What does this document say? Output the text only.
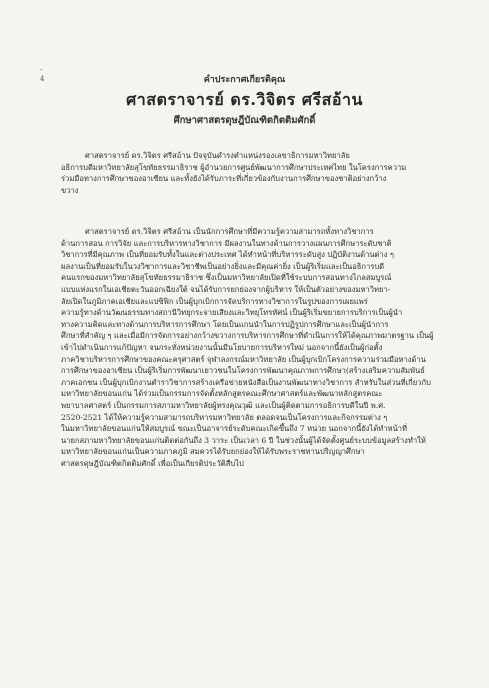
-
4	คำประกาศเกียรติคุณ
ศาสตราจารย์ ดร.วิจิตร ศรีสอ้าน
ศึกษาศาสตรดุษฎีบัณฑิตกิตติมศักดิ์

ศาสตราจารย์ ดร.วิจิตร ศรีสอ้าน ปัจจุบันดำรงตำแหน่งรองเลขาธิการมหาวิทยาลัย

อธิการบดีมหาวิทยาลัยสุโขทัยธรรมาธิราช ผู้อำนวยการศูนย์พัฒนาการศึกษาประเทศไทย ในโครงการความ

ร่วมมือทางการศึกษาของอาเซียน และทั้งยังได้รับภาระที่เกี่ยวข้องกับงานการศึกษาของชาติอย่างกว้าง

ขวาง

ศาสตราจารย์ ดร.วิจิตร ศรีสอ้าน เป็นนักการศึกษาที่มีความรู้ความสามารถทั้งทางวิชาการ

ด้านการสอน การวิจัย และการบริหารทางวิชาการ มีผลงานในทางด้านการวางแผนการศึกษาระดับชาติ

วิชาการที่มีคุณภาพ เป็นที่ยอมรับทั้งในและต่างประเทศ ได้ทำหน้าที่บริหารระดับสูง ปฏิบัติงานด้านต่าง ๆ

ผลงานเป็นที่ยอมรับในวงวิชาการและวิชาชีพเป็นอย่างยิ่งและมีคุณค่ายิ่ง เป็นผู้ริเริ่มและเป็นอธิการบดี

คนแรกของมหาวิทยาลัยสุโขทัยธรรมาธิราช ซึ่งเป็นมหาวิทยาลัยเปิดที่ใช้ระบบการสอนทางไกลสมบูรณ์

แบบแห่งแรกในเอเชียตะวันออกเฉียงใต้ จนได้รับการยกย่องจากผู้บริหาร ให้เป็นตัวอย่างของมหาวิทยา-

ลัยเปิดในภูมิภาคเอเชียและแปซิฟิก เป็นผู้บุกเบิกการจัดบริการทางวิชาการในรูปของการเผยแพร่

ความรู้ทางด้านวัฒนธรรมทางสถานีวิทยุกระจายเสียงและวิทยุโทรทัศน์ เป็นผู้ริเริ่มขยายการบริการเป็นผู้นำ

ทางความคิดและทางด้านการบริหารการศึกษา โดยเป็นแกนนำในการปฏิรูปการศึกษาและเป็นผู้นำการ

ศึกษาที่สำคัญ ๆ และเมื่อมีการจัดการอย่างกว้างขวางการบริหารการศึกษาที่ดำเนินการให้ได้คุณภาพมาตรฐาน เป็นผู้

เข้าไปดำเนินการแก้ปัญหา จนกระทั่งหน่วยงานนั้นมีนโยบายการบริหารใหม่ นอกจากนี้ยังเป็นผู้ก่อตั้ง

ภาควิชาบริหารการศึกษาของคณะครุศาสตร์ จุฬาลงกรณ์มหาวิทยาลัย เป็นผู้บุกเบิกโครงการความร่วมมือทางด้าน

การศึกษาของอาเซียน เป็นผู้ริเริ่มการพัฒนาเยาวชนในโครงการพัฒนาคุณภาพการศึกษา(สร้างเสริมความสัมพันธ์

ภาคเอกชน เป็นผู้บุกเบิกงานตำราวิชาการสร้างเครือข่ายหนังสือเป็นงานพัฒนาทางวิชาการ สำหรับในส่วนที่เกี่ยวกับ

มหาวิทยาลัยขอนแก่น ได้ร่วมเป็นกรรมการจัดตั้งหลักสูตรคณะศึกษาศาสตร์และพัฒนาหลักสูตรคณะ

พยาบาลศาสตร์ เป็นกรรมการสภามหาวิทยาลัยผู้ทรงคุณวุฒิ และเป็นผู้ติดตามการอธิการบดีในปี พ.ศ.

2520-2521 ได้ให้ความรู้ความสามารถบริหารมหาวิทยาลัย ตลอดจนเป็นโครงการและกิจกรรมต่าง ๆ

ในมหาวิทยาลัยขอนแก่นให้สมบูรณ์ ขณะเป็นอาจารย์ระดับคณะเกิดขึ้นถึง 7 หน่วย นอกจากนี้ยังได้ทำหน้าที่

นายกสภามหาวิทยาลัยขอนแก่นติดต่อกันถึง 3 วาระ เป็นเวลา 6 ปี ในช่วงนั้นผู้ได้จัดตั้งศูนย์ระบบข้อมูลสร้างทำให้

มหาวิทยาลัยขอนแก่นเป็นความภาคภูมิ สมควรได้รับยกย่องให้ได้รับพระราชทานปริญญาศึกษา

ศาสตรดุษฎีบัณฑิตกิตติมศักดิ์ เพื่อเป็นเกียรติประวัติสืบไป
